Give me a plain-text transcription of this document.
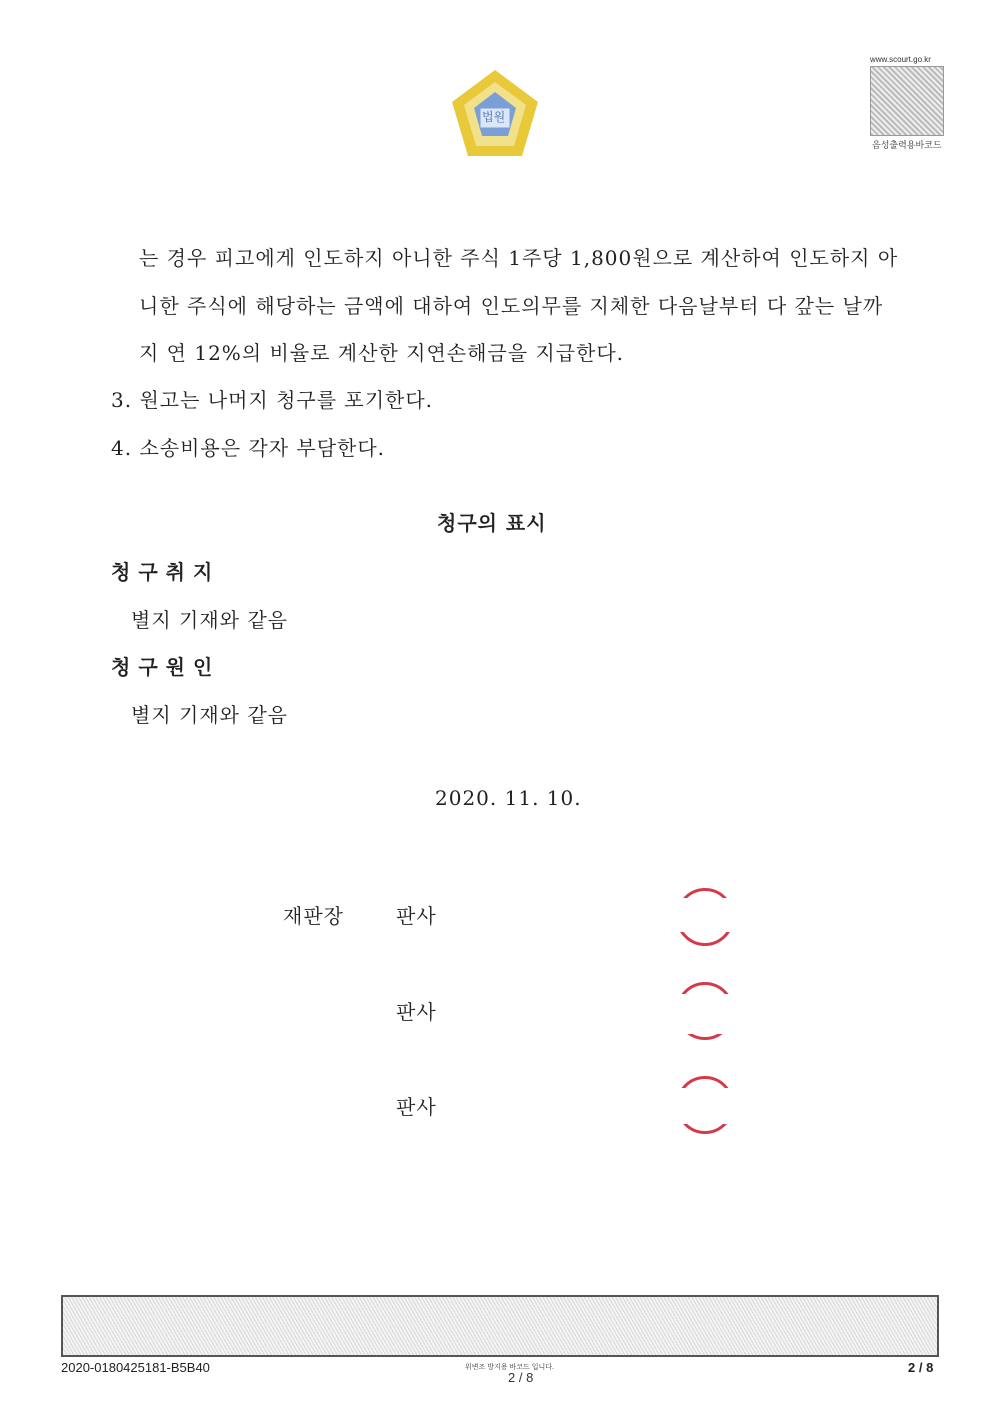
법원
www.scourt.go.kr
음성출력용바코드
는 경우 피고에게 인도하지 아니한 주식 1주당 1,800원으로 계산하여 인도하지 아
니한 주식에 해당하는 금액에 대하여 인도의무를 지체한 다음날부터 다 갚는 날까
지 연 12%의 비율로 계산한 지연손해금을 지급한다.
3. 원고는 나머지 청구를 포기한다.
4. 소송비용은 각자 부담한다.
청구의 표시
청구취지
별지 기재와 같음
청구원인
별지 기재와 같음
2020. 11. 10.
재판장	판사
판사
판사
2020-0180425181-B5B40	위변조 방지용 바코드 입니다.
2 / 8
2 / 8
